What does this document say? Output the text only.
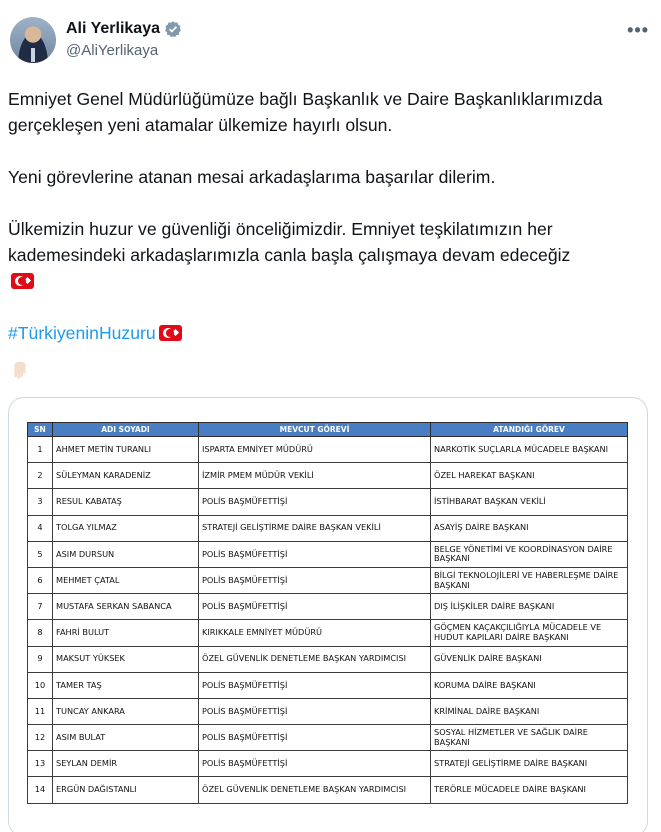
Ali Yerlikaya
@AliYerlikaya
•••

Emniyet Genel Müdürlüğümüze bağlı Başkanlık ve Daire Başkanlıklarımızda gerçekleşen yeni atamalar ülkemize hayırlı olsun.

Yeni görevlerine atanan mesai arkadaşlarıma başarılar dilerim.

Ülkemizin huzur ve güvenliği önceliğimizdir. Emniyet teşkilatımızın her kademesindeki arkadaşlarımızla canla başla çalışmaya devam edeceğiz

#TürkiyeninHuzuru

SN	ADI SOYADI	MEVCUT GÖREVİ	ATANDIĞI GÖREV
1	AHMET METİN TURANLI	ISPARTA EMNİYET MÜDÜRÜ	NARKOTİK SUÇLARLA MÜCADELE BAŞKANI
2	SÜLEYMAN KARADENİZ	İZMİR PMEM MÜDÜR VEKİLİ	ÖZEL HAREKAT BAŞKANI
3	RESUL KABATAŞ	POLİS BAŞMÜFETTİŞİ	İSTİHBARAT BAŞKAN VEKİLİ
4	TOLGA YILMAZ	STRATEJİ GELİŞTİRME DAİRE BAŞKAN VEKİLİ	ASAYİŞ DAİRE BAŞKANI
5	ASIM DURSUN	POLİS BAŞMÜFETTİŞİ	BELGE YÖNETİMİ VE KOORDİNASYON DAİRE BAŞKANI
6	MEHMET ÇATAL	POLİS BAŞMÜFETTİŞİ	BİLGİ TEKNOLOJİLERİ VE HABERLEŞME DAİRE BAŞKANI
7	MUSTAFA SERKAN SABANCA	POLİS BAŞMÜFETTİŞİ	DIŞ İLİŞKİLER DAİRE BAŞKANI
8	FAHRİ BULUT	KIRIKKALE EMNİYET MÜDÜRÜ	GÖÇMEN KAÇAKÇILIĞIYLA MÜCADELE VE HUDUT KAPILARI DAİRE BAŞKANI
9	MAKSUT YÜKSEK	ÖZEL GÜVENLİK DENETLEME BAŞKAN YARDIMCISI	GÜVENLİK DAİRE BAŞKANI
10	TAMER TAŞ	POLİS BAŞMÜFETTİŞİ	KORUMA DAİRE BAŞKANI
11	TUNCAY ANKARA	POLİS BAŞMÜFETTİŞİ	KRİMİNAL DAİRE BAŞKANI
12	ASIM BULAT	POLİS BAŞMÜFETTİŞİ	SOSYAL HİZMETLER VE SAĞLIK DAİRE BAŞKANI
13	SEYLAN DEMİR	POLİS BAŞMÜFETTİŞİ	STRATEJİ GELİŞTİRME DAİRE BAŞKANI
14	ERGÜN DAĞISTANLI	ÖZEL GÜVENLİK DENETLEME BAŞKAN YARDIMCISI	TERÖRLE MÜCADELE DAİRE BAŞKANI
